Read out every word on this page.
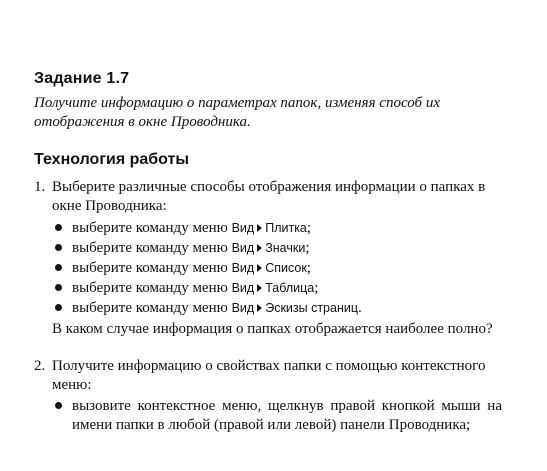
Задание 1.7
Получите информацию о параметрах папок, изменяя способ их отображения в окне Проводника.
Технология работы
1. Выберите различные способы отображения информации о папках в окне Проводника:
выберите команду меню Вид Плитка;
выберите команду меню Вид Значки;
выберите команду меню Вид Список;
выберите команду меню Вид Таблица;
выберите команду меню Вид Эскизы страниц.
В каком случае информация о папках отображается наиболее полно?
2. Получите информацию о свойствах папки с помощью контекстного меню:
вызовите контекстное меню, щелкнув правой кнопкой мыши на имени папки в любой (правой или левой) панели Проводника;
